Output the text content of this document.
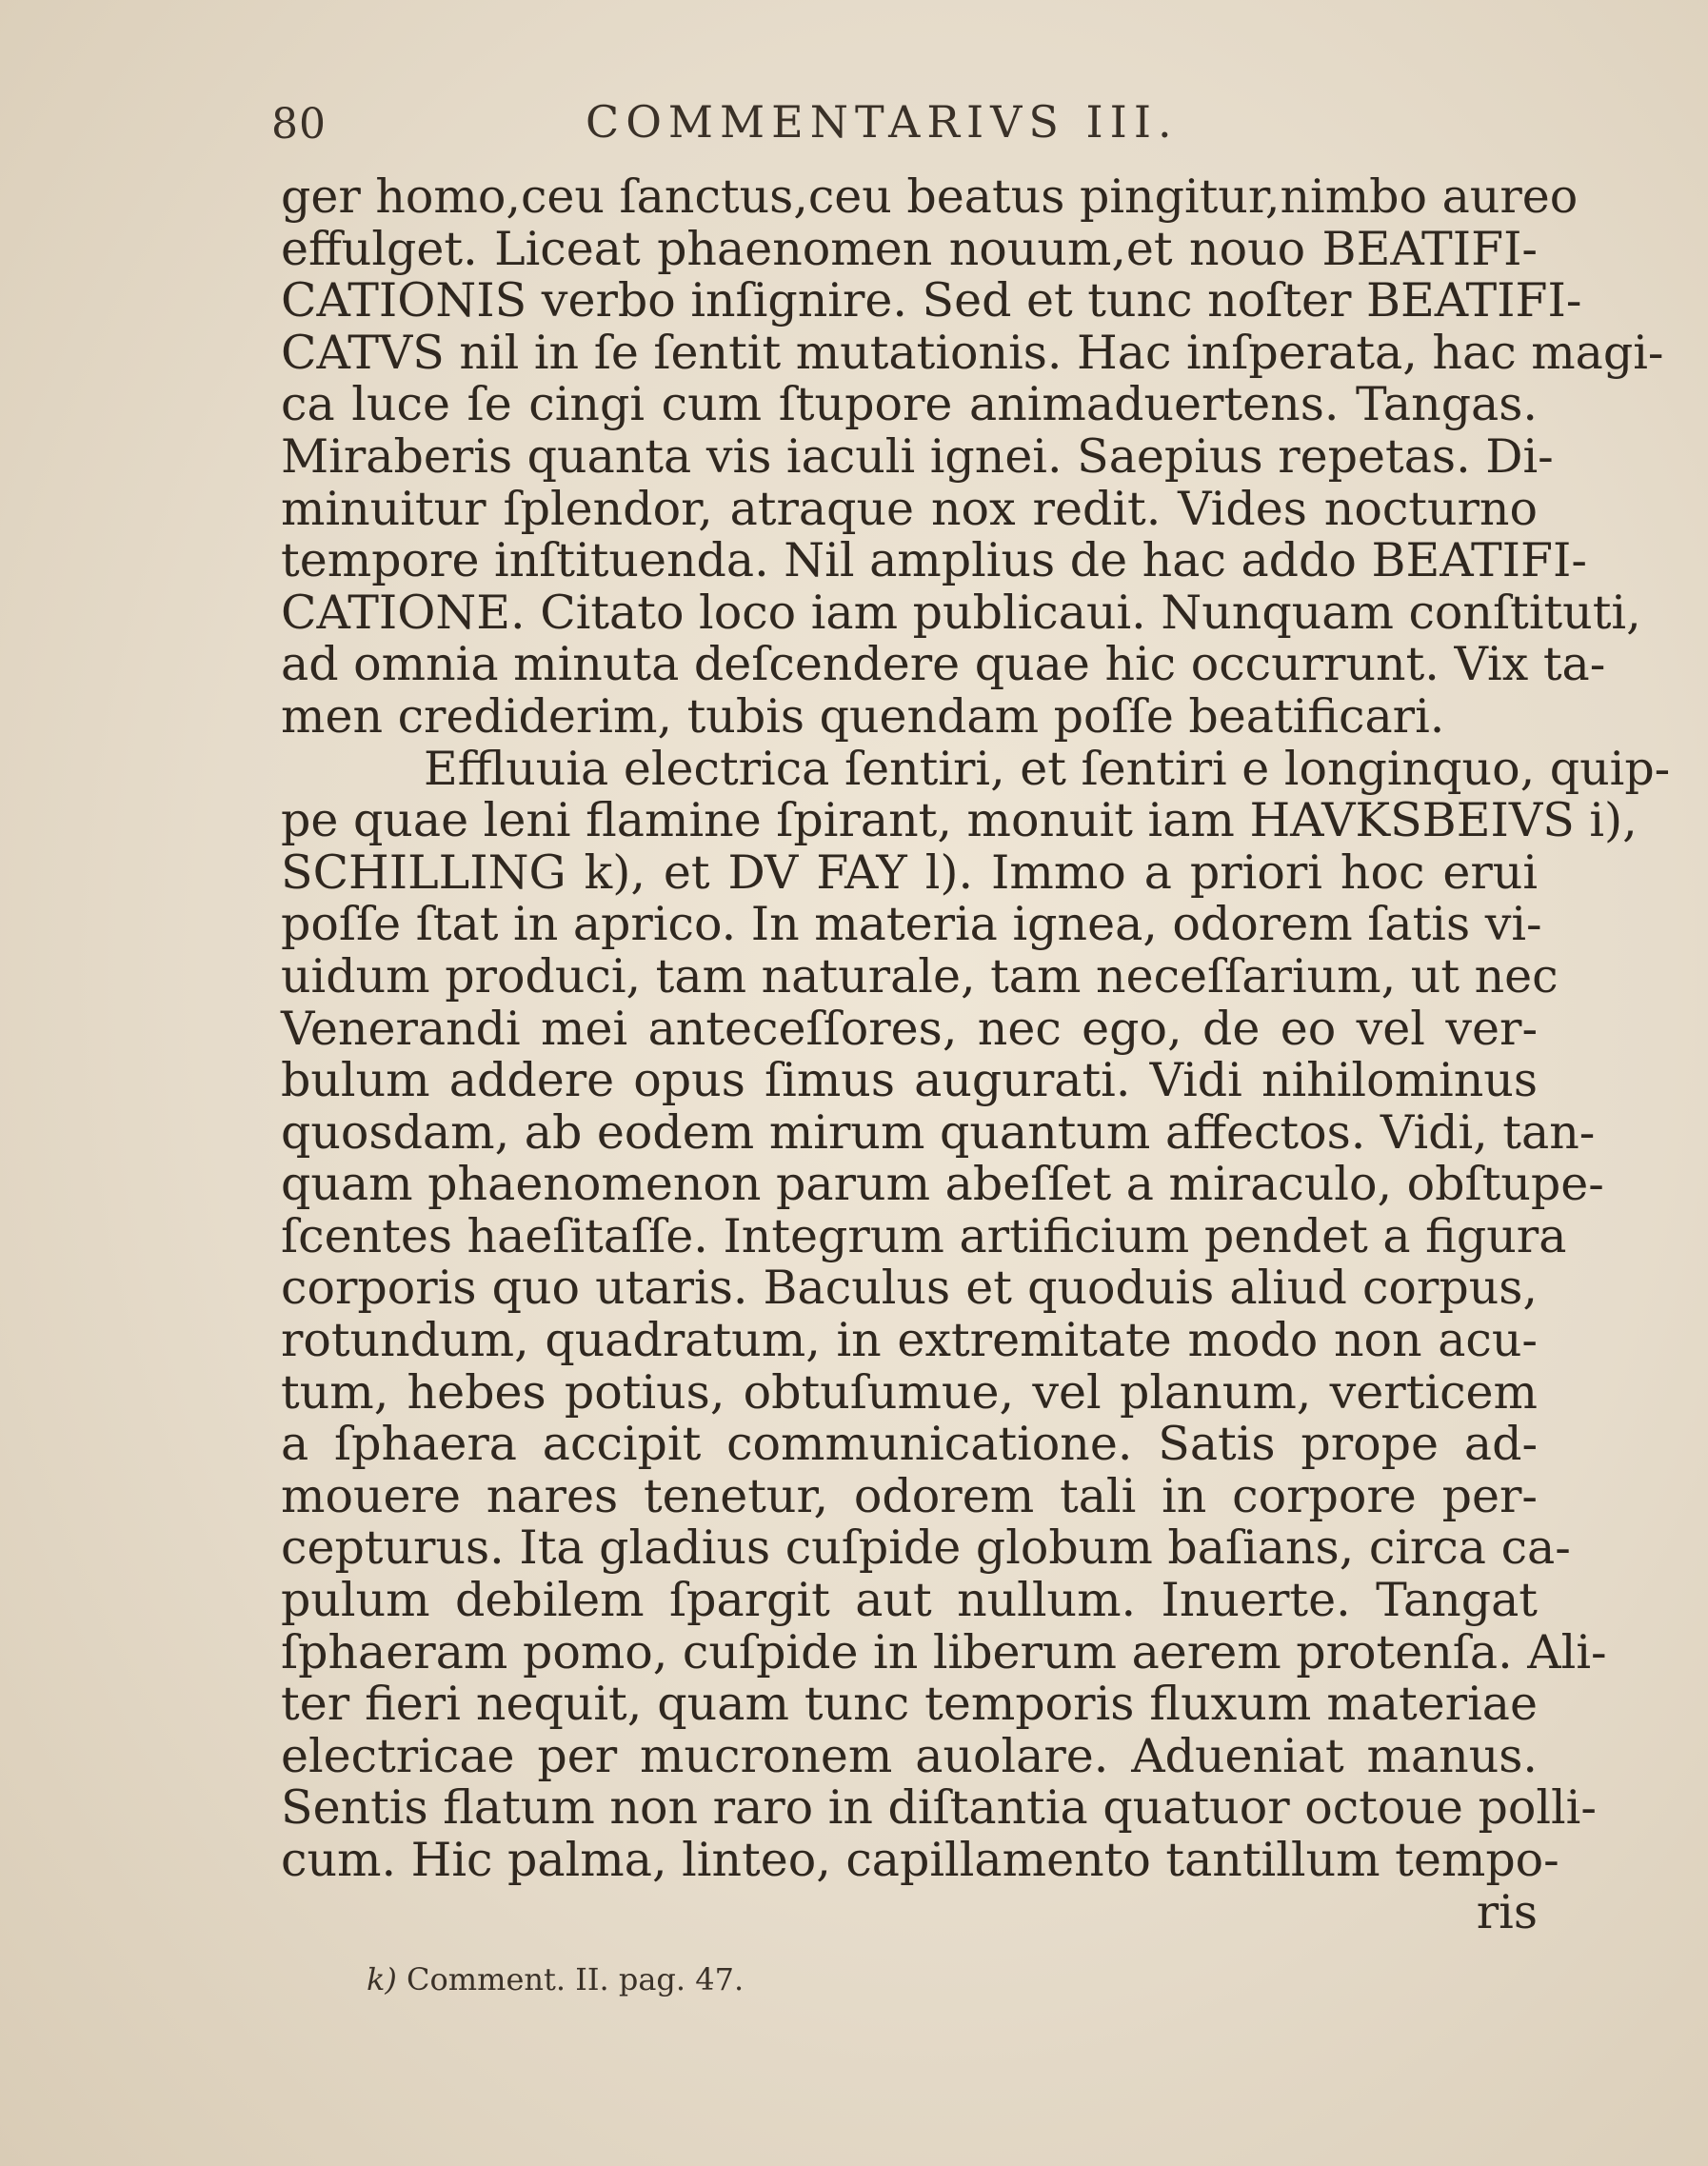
80	COMMENTARIVS III.
ger homo,ceu ſanctus,ceu beatus pingitur,nimbo aureo
effulget. Liceat phaenomen nouum,et nouo BEATIFI-
CATIONIS verbo inſignire. Sed et tunc noſter BEATIFI-
CATVS nil in ſe ſentit mutationis. Hac inſperata, hac magi-
ca luce ſe cingi cum ſtupore animaduertens. Tangas.
Miraberis quanta vis iaculi ignei. Saepius repetas. Di-
minuitur ſplendor, atraque nox redit. Vides nocturno
tempore inſtituenda. Nil amplius de hac addo BEATIFI-
CATIONE. Citato loco iam publicaui. Nunquam conſtituti,
ad omnia minuta deſcendere quae hic occurrunt. Vix ta-
men crediderim, tubis quendam poſſe beatificari.
Effluuia electrica ſentiri, et ſentiri e longinquo, quip-
pe quae leni flamine ſpirant, monuit iam HAVKSBEIVS i),
SCHILLING k), et DV FAY l). Immo a priori hoc erui
poſſe ſtat in aprico. In materia ignea, odorem ſatis vi-
uidum produci, tam naturale, tam neceſſarium, ut nec
Venerandi mei anteceſſores, nec ego, de eo vel ver-
bulum addere opus ſimus augurati. Vidi nihilominus
quosdam, ab eodem mirum quantum affectos. Vidi, tan-
quam phaenomenon parum abeſſet a miraculo, obſtupe-
ſcentes haeſitaſſe. Integrum artificium pendet a figura
corporis quo utaris. Baculus et quoduis aliud corpus,
rotundum, quadratum, in extremitate modo non acu-
tum, hebes potius, obtuſumue, vel planum, verticem
a ſphaera accipit communicatione. Satis prope ad-
mouere nares tenetur, odorem tali in corpore per-
cepturus. Ita gladius cuſpide globum baſians, circa ca-
pulum debilem ſpargit aut nullum. Inuerte. Tangat
ſphaeram pomo, cuſpide in liberum aerem protenſa. Ali-
ter fieri nequit, quam tunc temporis fluxum materiae
electricae per mucronem auolare. Adueniat manus.
Sentis flatum non raro in diſtantia quatuor octoue polli-
cum. Hic palma, linteo, capillamento tantillum tempo-
ris
k) Comment. II. pag. 47.
